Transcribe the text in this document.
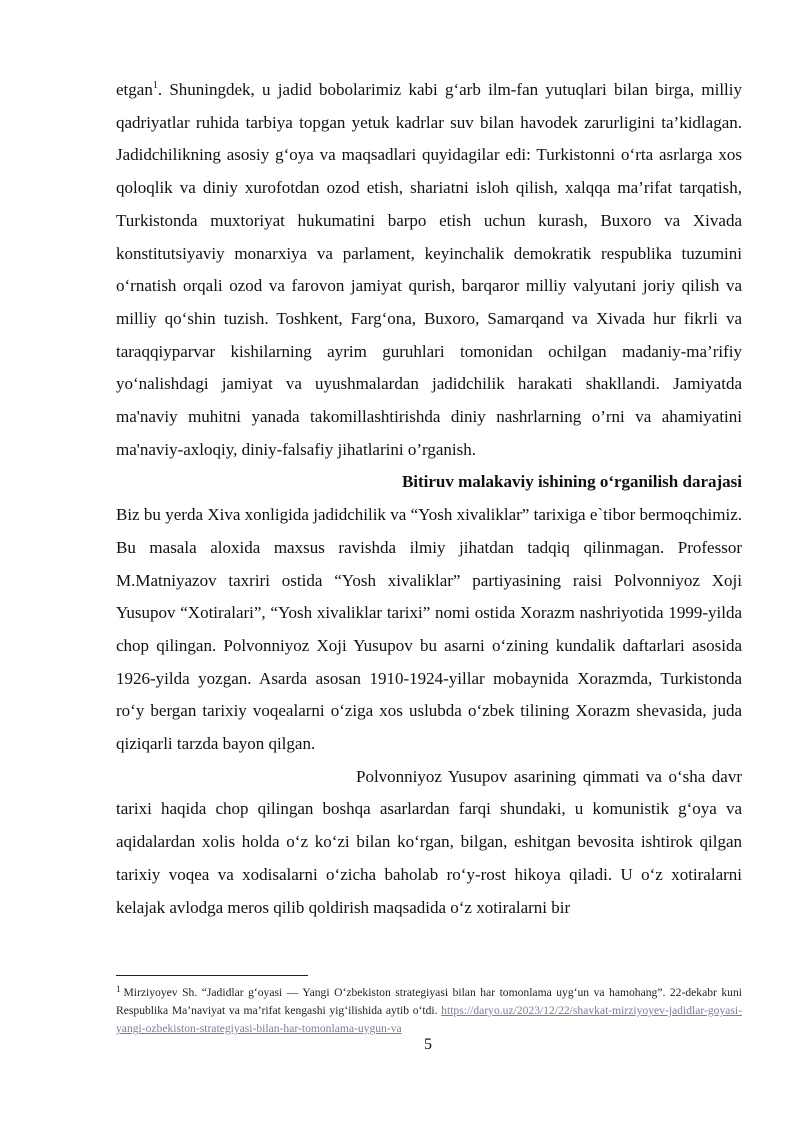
etgan$^1$. Shuningdek, u jadid bobolarimiz kabi gʻarb ilm-fan yutuqlari bilan birga, milliy qadriyatlar ruhida tarbiya topgan yetuk kadrlar suv bilan havodek zarurligini ta’kidlagan. Jadidchilikning asosiy gʻoya va maqsadlari quyidagilar edi: Turkistonni oʻrta asrlarga xos qoloqlik va diniy xurofotdan ozod etish, shariatni isloh qilish, xalqqa ma’rifat tarqatish, Turkistonda muxtoriyat hukumatini barpo etish uchun kurash, Buxoro va Xivada konstitutsiyaviy monarxiya va parlament, keyinchalik demokratik respublika tuzumini oʻrnatish orqali ozod va farovon jamiyat qurish, barqaror milliy valyutani joriy qilish va milliy qoʻshin tuzish. Toshkent, Fargʻona, Buxoro, Samarqand va Xivada hur fikrli va taraqqiyparvar kishilarning ayrim guruhlari tomonidan ochilgan madaniy-ma’rifiy yoʻnalishdagi jamiyat va uyushmalardan jadidchilik harakati shakllandi. Jamiyatda ma'naviy muhitni yanada takomillashtirishda diniy nashrlarning o’rni va ahamiyatini ma'naviy-axloqiy, diniy-falsafiy jihatlarini o’rganish.

Bitiruv malakaviy ishining oʻrganilish darajasi

Biz bu yerda Xiva xonligida jadidchilik va “Yosh xivaliklar” tarixiga e`tibor bermoqchimiz. Bu masala aloxida maxsus ravishda ilmiy jihatdan tadqiq qilinmagan. Professor M.Matniyazov taxriri ostida “Yosh xivaliklar” partiyasining raisi Polvonniyoz Xoji Yusupov “Xotiralari”, “Yosh xivaliklar tarixi” nomi ostida Xorazm nashriyotida 1999-yilda chop qilingan. Polvonniyoz Xoji Yusupov bu asarni oʻzining kundalik daftarlari asosida 1926-yilda yozgan. Asarda asosan 1910-1924-yillar mobaynida Xorazmda, Turkistonda roʻy bergan tarixiy voqealarni oʻziga xos uslubda oʻzbek tilining Xorazm shevasida, juda qiziqarli tarzda bayon qilgan.

Polvonniyoz Yusupov asarining qimmati va oʻsha davr tarixi haqida chop qilingan boshqa asarlardan farqi shundaki, u komunistik gʻoya va aqidalardan xolis holda oʻz koʻzi bilan koʻrgan, bilgan, eshitgan bevosita ishtirok qilgan tarixiy voqea va xodisalarni oʻzicha baholab roʻy-rost hikoya qiladi. U oʻz xotiralarni kelajak avlodga meros qilib qoldirish maqsadida oʻz xotiralarni bir

$^1$ Mirziyoyev Sh. “Jadidlar gʻoyasi — Yangi Oʻzbekiston strategiyasi bilan har tomonlama uygʻun va hamohang”. 22-dekabr kuni Respublika Ma’naviyat va ma’rifat kengashi yigʻilishida aytib oʻtdi. https://daryo.uz/2023/12/22/shavkat-mirziyoyev-jadidlar-goyasi-yangi-ozbekiston-strategiyasi-bilan-har-tomonlama-uygun-va
5
